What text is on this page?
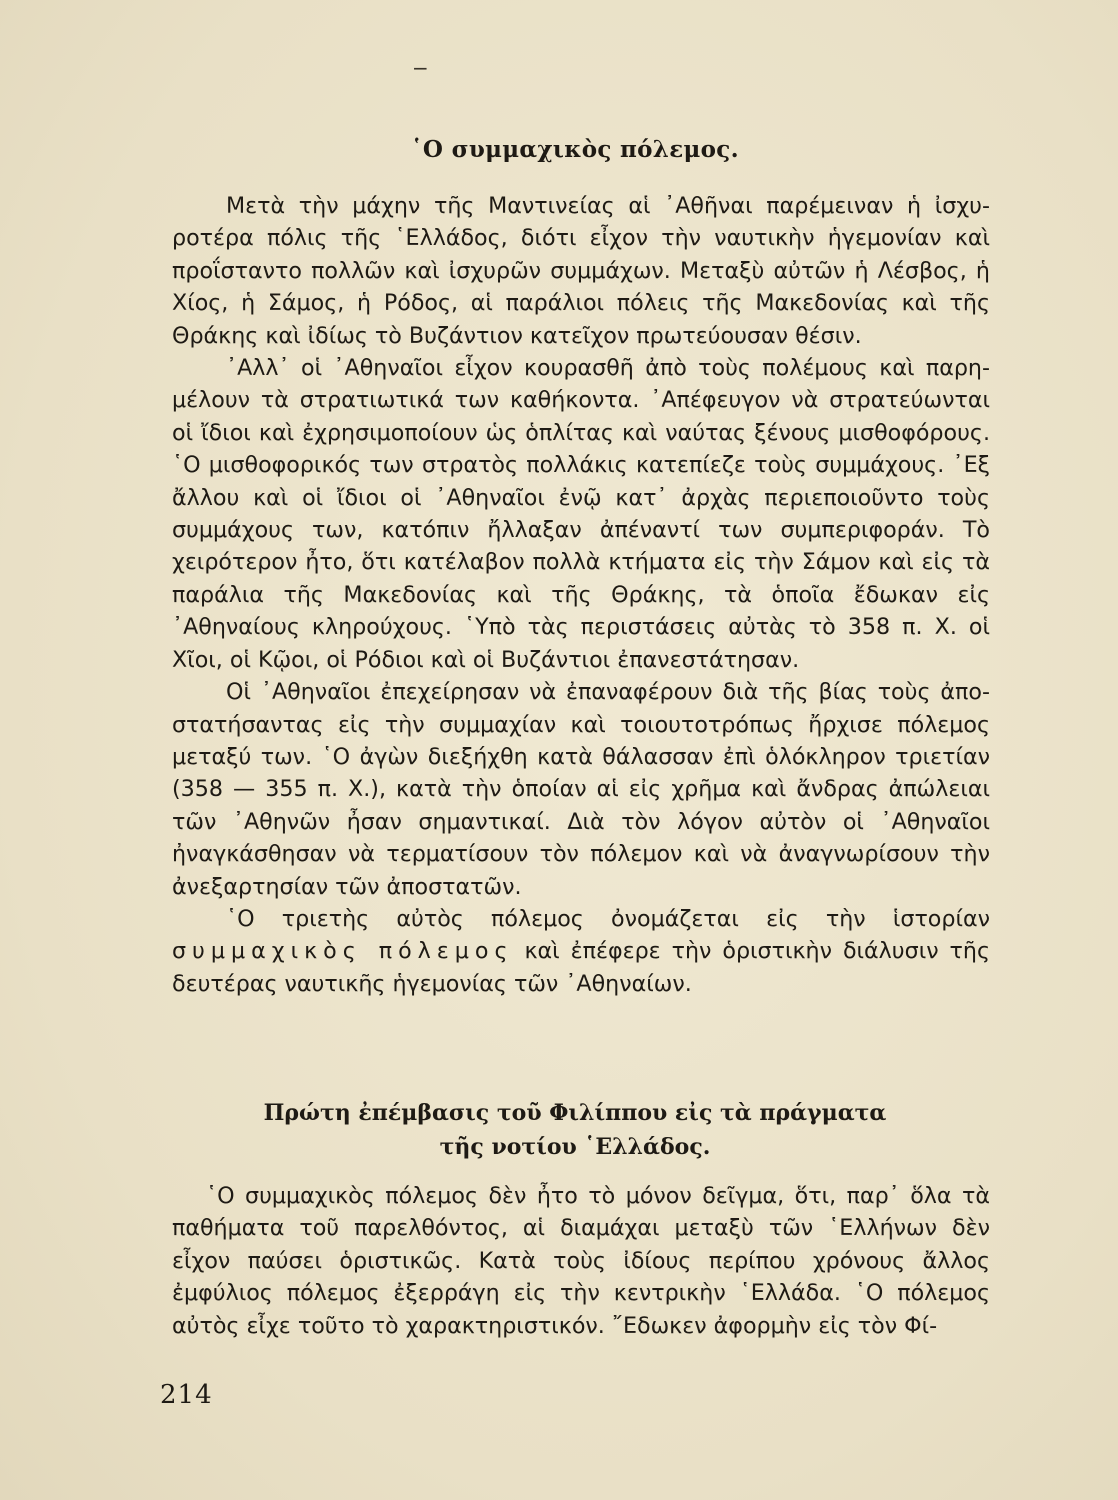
−
῾Ο συμμαχικὸς πόλεμος.

Μετὰ τὴν μάχην τῆς Μαντινείας αἱ ᾿Αθῆναι παρέμειναν ἡ ἰσχυροτέρα πόλις τῆς ῾Ελλάδος, διότι εἶχον τὴν ναυτικὴν ἡγεμονίαν καὶ προΐσταντο πολλῶν καὶ ἰσχυρῶν συμμάχων. Μεταξὺ αὐτῶν ἡ Λέσβος, ἡ Χίος, ἡ Σάμος, ἡ Ρόδος, αἱ παράλιοι πόλεις τῆς Μακεδονίας καὶ τῆς Θράκης καὶ ἰδίως τὸ Βυζάντιον κατεῖχον πρωτεύουσαν θέσιν.

᾿Αλλ᾿ οἱ ᾿Αθηναῖοι εἶχον κουρασθῆ ἀπὸ τοὺς πολέμους καὶ παρημέλουν τὰ στρατιωτικά των καθήκοντα. ᾿Απέφευγον νὰ στρατεύωνται οἱ ἴδιοι καὶ ἐχρησιμοποίουν ὡς ὁπλίτας καὶ ναύτας ξένους μισθοφόρους. ῾Ο μισθοφορικός των στρατὸς πολλάκις κατεπίεζε τοὺς συμμάχους. ᾿Εξ ἄλλου καὶ οἱ ἴδιοι οἱ ᾿Αθηναῖοι ἐνῷ κατ᾿ ἀρχὰς περιεποιοῦντο τοὺς συμμάχους των, κατόπιν ἤλλαξαν ἀπέναντί των συμπεριφοράν. Τὸ χειρότερον ἦτο, ὅτι κατέλαβον πολλὰ κτήματα εἰς τὴν Σάμον καὶ εἰς τὰ παράλια τῆς Μακεδονίας καὶ τῆς Θράκης, τὰ ὁποῖα ἔδωκαν εἰς ᾿Αθηναίους κληρούχους. ῾Υπὸ τὰς περιστάσεις αὐτὰς τὸ 358 π. Χ. οἱ Χῖοι, οἱ Κῷοι, οἱ Ρόδιοι καὶ οἱ Βυζάντιοι ἐπανεστάτησαν.

Οἱ ᾿Αθηναῖοι ἐπεχείρησαν νὰ ἐπαναφέρουν διὰ τῆς βίας τοὺς ἀποστατήσαντας εἰς τὴν συμμαχίαν καὶ τοιουτοτρόπως ἤρχισε πόλεμος μεταξύ των. ῾Ο ἀγὼν διεξήχθη κατὰ θάλασσαν ἐπὶ ὁλόκληρον τριετίαν (358 — 355 π. Χ.), κατὰ τὴν ὁποίαν αἱ εἰς χρῆμα καὶ ἄνδρας ἀπώλειαι τῶν ᾿Αθηνῶν ἦσαν σημαντικαί. Διὰ τὸν λόγον αὐτὸν οἱ ᾿Αθηναῖοι ἠναγκάσθησαν νὰ τερματίσουν τὸν πόλεμον καὶ νὰ ἀναγνωρίσουν τὴν ἀνεξαρτησίαν τῶν ἀποστατῶν.

῾Ο τριετὴς αὐτὸς πόλεμος ὀνομάζεται εἰς τὴν ἱστορίαν συμμαχικὸς πόλεμος καὶ ἐπέφερε τὴν ὁριστικὴν διάλυσιν τῆς δευτέρας ναυτικῆς ἡγεμονίας τῶν ᾿Αθηναίων.

Πρώτη ἐπέμβασις τοῦ Φιλίππου εἰς τὰ πράγματα
τῆς νοτίου ῾Ελλάδος.

῾Ο συμμαχικὸς πόλεμος δὲν ἦτο τὸ μόνον δεῖγμα, ὅτι, παρ᾿ ὅλα τὰ παθήματα τοῦ παρελθόντος, αἱ διαμάχαι μεταξὺ τῶν ῾Ελλήνων δὲν εἶχον παύσει ὁριστικῶς. Κατὰ τοὺς ἰδίους περίπου χρόνους ἄλλος ἐμφύλιος πόλεμος ἐξερράγη εἰς τὴν κεντρικὴν ῾Ελλάδα. ῾Ο πόλεμος αὐτὸς εἶχε τοῦτο τὸ χαρακτηριστικόν. ῎Εδωκεν ἀφορμὴν εἰς τὸν Φί-

214
